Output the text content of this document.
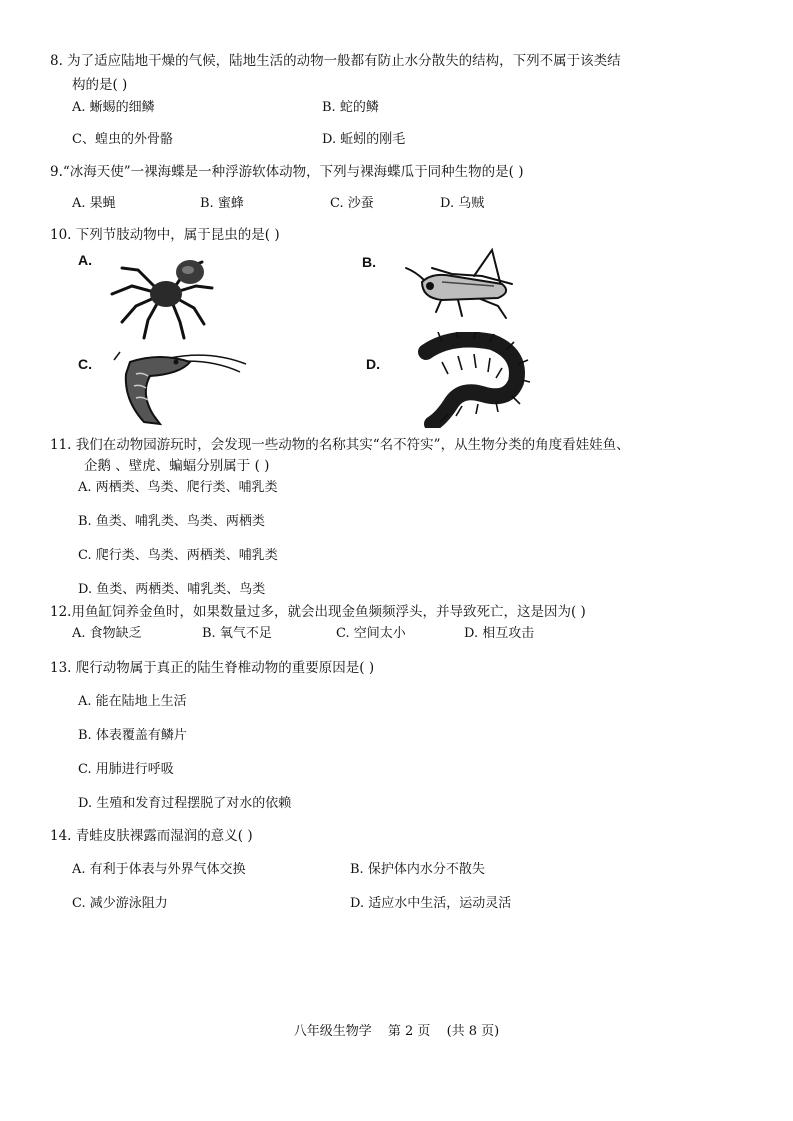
8. 为了适应陆地干燥的气候，陆地生活的动物一般都有防止水分散失的结构，下列不属于该类结
构的是( )
A. 蜥蜴的细鳞	B. 蛇的鳞
C、蝗虫的外骨骼	D. 蚯蚓的刚毛
9.“冰海天使”一裸海蝶是一种浮游软体动物，下列与裸海蝶瓜于同种生物的是( )
A. 果蝇	B. 蜜蜂	C. 沙蚕	D. 乌贼
10. 下列节肢动物中，属于昆虫的是( )
A.	B.
C.	D.
11. 我们在动物园游玩时，会发现一些动物的名称其实“名不符实”，从生物分类的角度看娃娃鱼、
企鹅 、壁虎、蝙蝠分别属于 ( )
A. 两栖类、鸟类、爬行类、哺乳类
B. 鱼类、哺乳类、鸟类、两栖类
C. 爬行类、鸟类、两栖类、哺乳类
D. 鱼类、两栖类、哺乳类、鸟类
12.用鱼缸饲养金鱼时，如果数量过多，就会出现金鱼频频浮头，并导致死亡，这是因为( )
A. 食物缺乏	B. 氧气不足	C. 空间太小	D. 相互攻击
13. 爬行动物属于真正的陆生脊椎动物的重要原因是( )
A. 能在陆地上生活
B. 体表覆盖有鳞片
C. 用肺进行呼吸
D. 生殖和发育过程摆脱了对水的依赖
14. 青蛙皮肤裸露而湿润的意义( )
A. 有利于体表与外界气体交换	B. 保护体内水分不散失
C. 减少游泳阻力	D. 适应水中生活，运动灵活
八年级生物学 第 2 页 (共 8 页)
